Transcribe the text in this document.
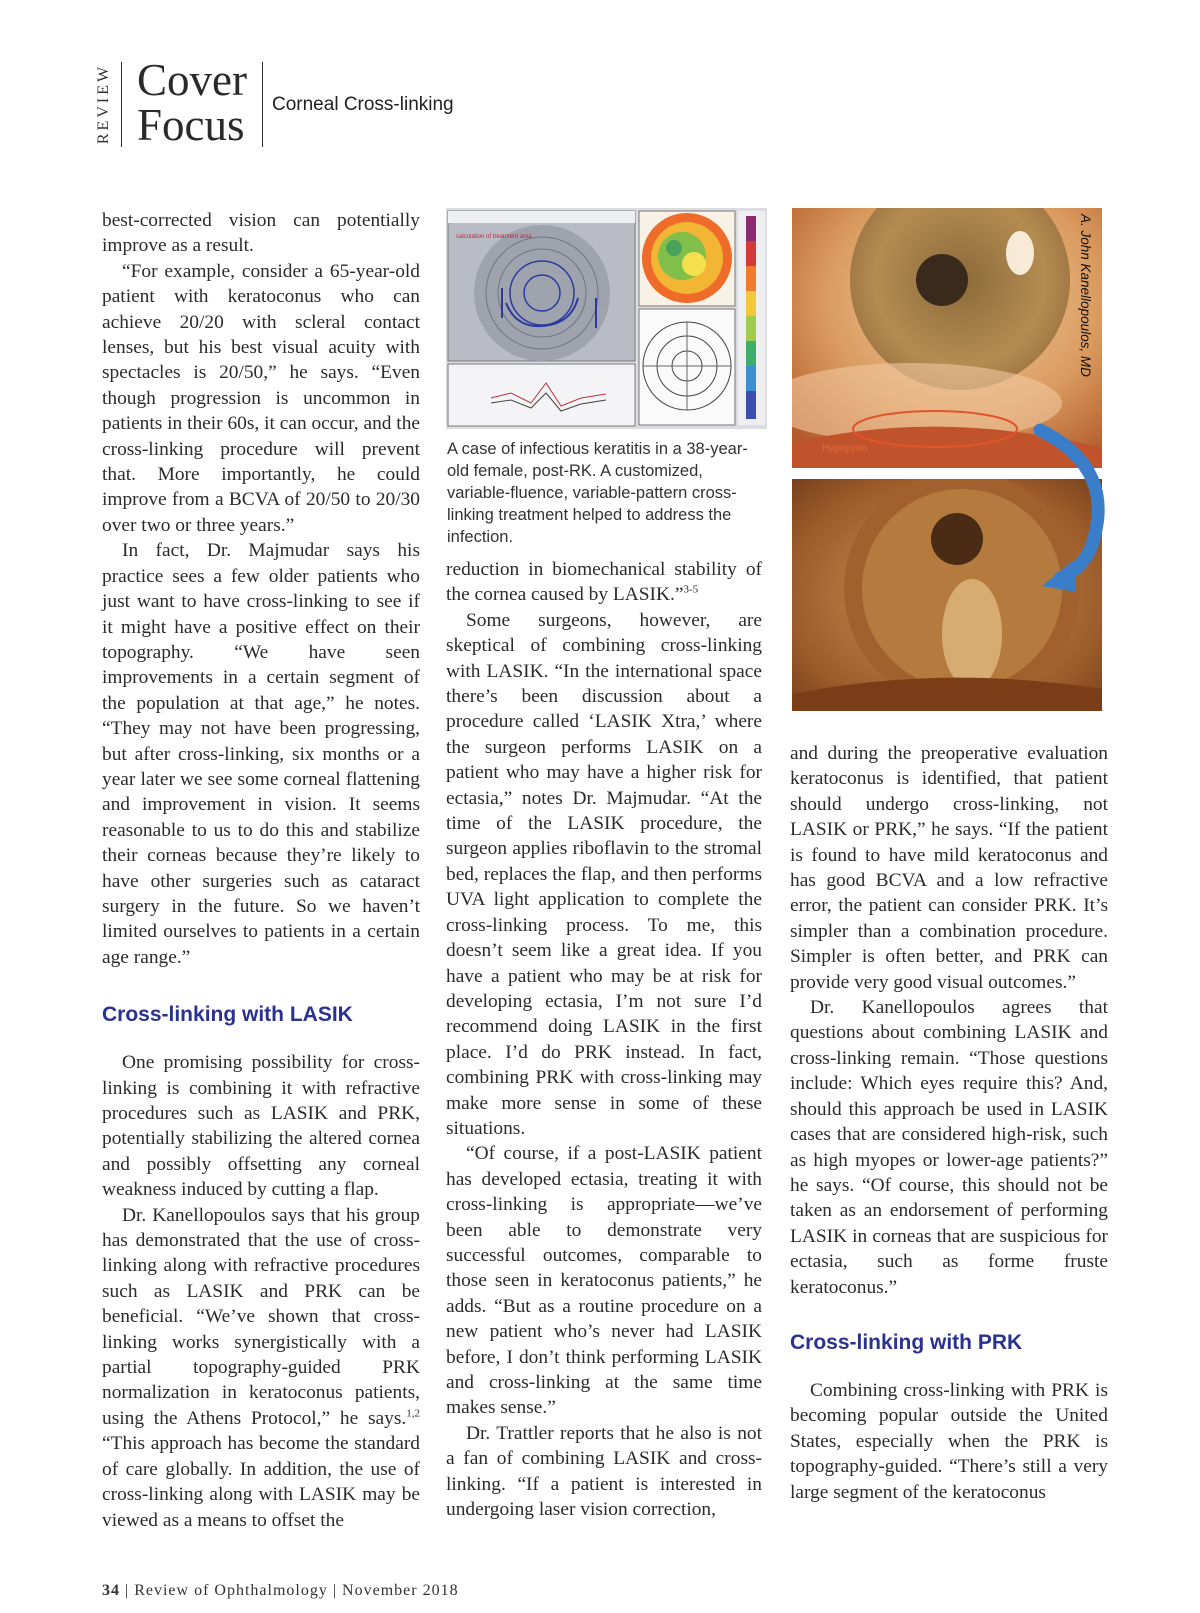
REVIEW Cover
Focus Corneal Cross-linking

best-corrected vision can potentially improve as a result.

“For example, consider a 65-year-old patient with keratoconus who can achieve 20/20 with scleral contact lenses, but his best visual acuity with spectacles is 20/50,” he says. “Even though progression is uncommon in patients in their 60s, it can occur, and the cross-linking procedure will prevent that. More importantly, he could improve from a BCVA of 20/50 to 20/30 over two or three years.”

In fact, Dr. Majmudar says his practice sees a few older patients who just want to have cross-linking to see if it might have a positive effect on their topography. “We have seen improvements in a certain segment of the population at that age,” he notes. “They may not have been progressing, but after cross-linking, six months or a year later we see some corneal flattening and improvement in vision. It seems reasonable to us to do this and stabilize their corneas because they’re likely to have other surgeries such as cataract surgery in the future. So we haven’t limited ourselves to patients in a certain age range.”

Cross-linking with LASIK

One promising possibility for cross-linking is combining it with refractive procedures such as LASIK and PRK, potentially stabilizing the altered cornea and possibly offsetting any corneal weakness induced by cutting a flap.

Dr. Kanellopoulos says that his group has demonstrated that the use of cross-linking along with refractive procedures such as LASIK and PRK can be beneficial. “We’ve shown that cross-linking works synergistically with a partial topography-guided PRK normalization in keratoconus patients, using the Athens Protocol,” he says.$^{1,2}$ “This approach has become the standard of care globally. In addition, the use of cross-linking along with LASIK may be viewed as a means to offset the

calculation of treatment area
A case of infectious keratitis in a 38-year-old female, post-RK. A customized, variable-fluence, variable-pattern cross-linking treatment helped to address the infection.

reduction in biomechanical stability of the cornea caused by LASIK.”$^{3-5}$

Some surgeons, however, are skeptical of combining cross-linking with LASIK. “In the international space there’s been discussion about a procedure called ‘LASIK Xtra,’ where the surgeon performs LASIK on a patient who may have a higher risk for ectasia,” notes Dr. Majmudar. “At the time of the LASIK procedure, the surgeon applies riboflavin to the stromal bed, replaces the flap, and then performs UVA light application to complete the cross-linking process. To me, this doesn’t seem like a great idea. If you have a patient who may be at risk for developing ectasia, I’m not sure I’d recommend doing LASIK in the first place. I’d do PRK instead. In fact, combining PRK with cross-linking may make more sense in some of these situations.

“Of course, if a post-LASIK patient has developed ectasia, treating it with cross-linking is appropriate—we’ve been able to demonstrate very successful outcomes, comparable to those seen in keratoconus patients,” he adds. “But as a routine procedure on a new patient who’s never had LASIK before, I don’t think performing LASIK and cross-linking at the same time makes sense.”

Dr. Trattler reports that he also is not a fan of combining LASIK and cross-linking. “If a patient is interested in undergoing laser vision correction,

Hypopyon
A. John Kanellopoulos, MD

and during the preoperative evaluation keratoconus is identified, that patient should undergo cross-linking, not LASIK or PRK,” he says. “If the patient is found to have mild keratoconus and has good BCVA and a low refractive error, the patient can consider PRK. It’s simpler than a combination procedure. Simpler is often better, and PRK can provide very good visual outcomes.”

Dr. Kanellopoulos agrees that questions about combining LASIK and cross-linking remain. “Those questions include: Which eyes require this? And, should this approach be used in LASIK cases that are considered high-risk, such as high myopes or lower-age patients?” he says. “Of course, this should not be taken as an endorsement of performing LASIK in corneas that are suspicious for ectasia, such as forme fruste keratoconus.”

Cross-linking with PRK

Combining cross-linking with PRK is becoming popular outside the United States, especially when the PRK is topography-guided. “There’s still a very large segment of the keratoconus

34 | Review of Ophthalmology | November 2018
